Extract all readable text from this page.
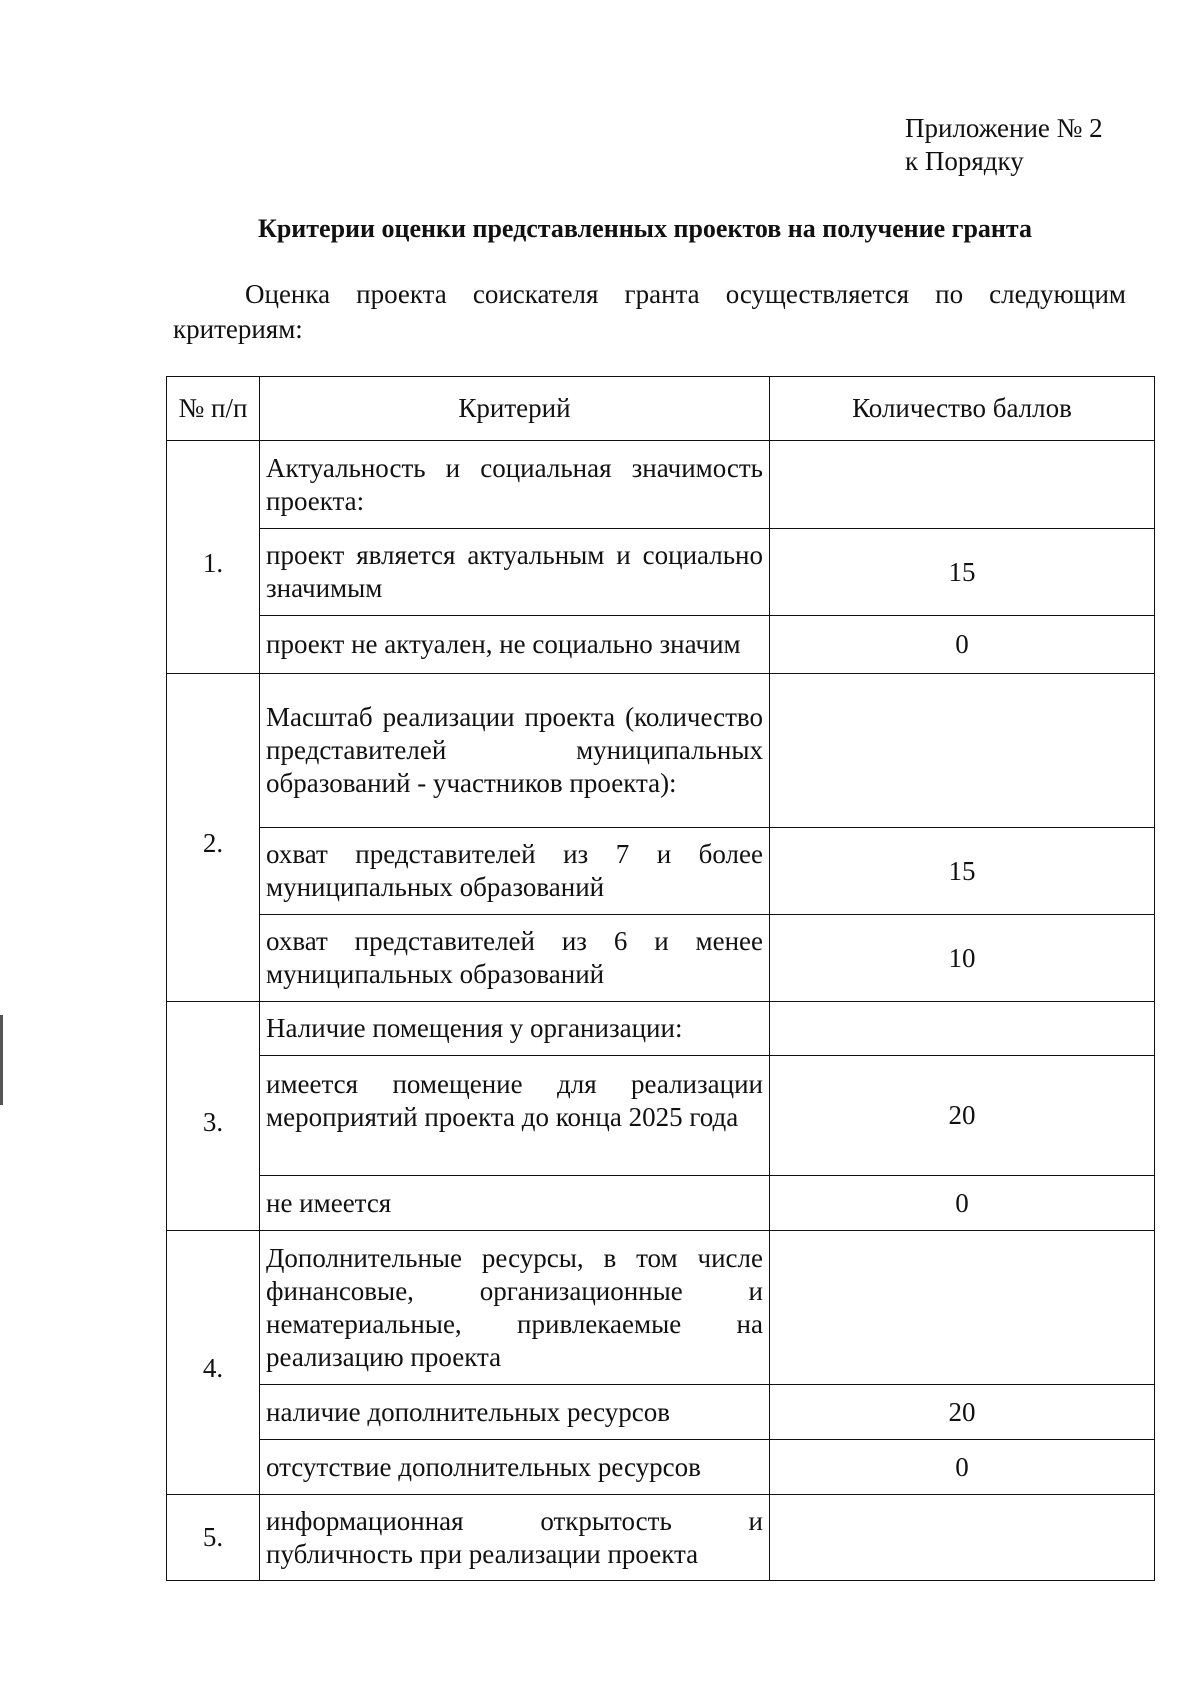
Приложение № 2
к Порядку
Критерии оценки представленных проектов на получение гранта
Оценка проекта соискателя гранта осуществляется по следующим
критериям:
№ п/п	Критерий	Количество баллов
1.	Актуальность и социальная значимость проекта:	
	проект является актуальным и социально значимым	15
	проект не актуален, не социально значим	0
2.	Масштаб реализации проекта (количество представителей муниципальных образований - участников проекта):	
	охват представителей из 7 и более муниципальных образований	15
	охват представителей из 6 и менее муниципальных образований	10
3.	Наличие помещения у организации:	
	имеется помещение для реализации мероприятий проекта до конца 2025 года	20
	не имеется	0
4.	Дополнительные ресурсы, в том числе финансовые, организационные и нематериальные, привлекаемые на реализацию проекта	
	наличие дополнительных ресурсов	20
	отсутствие дополнительных ресурсов	0
5.	информационная открытость и публичность при реализации проекта	
